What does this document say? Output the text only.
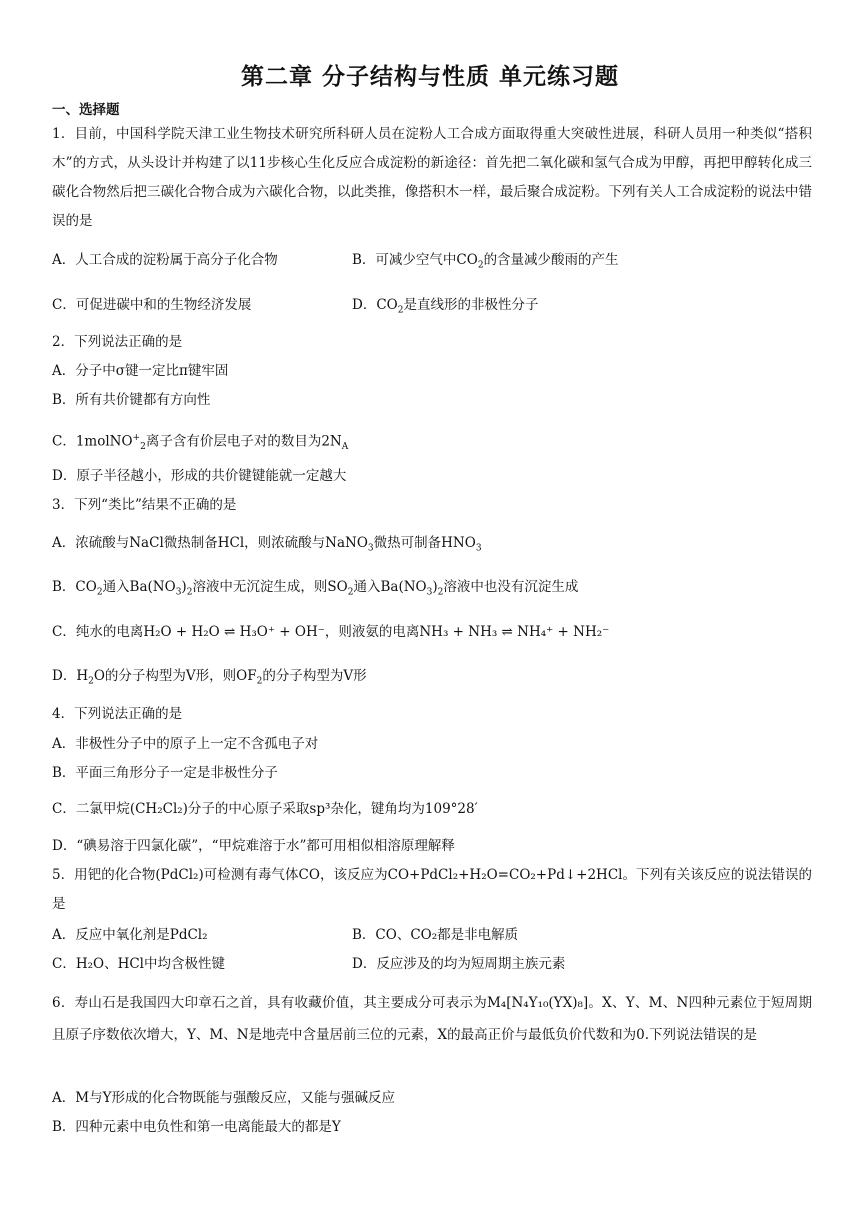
第二章 分子结构与性质 单元练习题
一、选择题
1．目前，中国科学院天津工业生物技术研究所科研人员在淀粉人工合成方面取得重大突破性进展，科研人员用一种类似“搭积木”的方式，从头设计并构建了以11步核心生化反应合成淀粉的新途径：首先把二氧化碳和氢气合成为甲醇，再把甲醇转化成三碳化合物然后把三碳化合物合成为六碳化合物，以此类推，像搭积木一样，最后聚合成淀粉。下列有关人工合成淀粉的说法中错误的是
A．人工合成的淀粉属于高分子化合物	B．可减少空气中$CO_2$的含量减少酸雨的产生
C．可促进碳中和的生物经济发展	D．$CO_2$是直线形的非极性分子
2．下列说法正确的是
A．分子中σ键一定比π键牢固
B．所有共价键都有方向性
C．1molNO+$_2$离子含有价层电子对的数目为$2N_A$
D．原子半径越小，形成的共价键键能就一定越大
3．下列“类比”结果不正确的是
A．浓硫酸与NaCl微热制备HCl，则浓硫酸与NaNO$_3$微热可制备$HNO_3$
B．$CO_2$通入$Ba(NO_3)_2$溶液中无沉淀生成，则$SO_2$通入$Ba(NO_3)_2$溶液中也没有沉淀生成
C．纯水的电离H₂O + H₂O ⇌ H₃O⁺ + OH⁻，则液氨的电离NH₃ + NH₃ ⇌ NH₄⁺ + NH₂⁻
D．$H_2O$的分子构型为V形，则$OF_2$的分子构型为V形
4．下列说法正确的是
A．非极性分子中的原子上一定不含孤电子对
B．平面三角形分子一定是非极性分子
C．二氯甲烷(CH₂Cl₂)分子的中心原子采取sp³杂化，键角均为109°28′
D．“碘易溶于四氯化碳”，“甲烷难溶于水”都可用相似相溶原理解释
5．用钯的化合物(PdCl₂)可检测有毒气体CO，该反应为CO+PdCl₂+H₂O=CO₂+Pd↓+2HCl。下列有关该反应的说法错误的是
A．反应中氧化剂是PdCl₂	B．CO、CO₂都是非电解质
C．H₂O、HCl中均含极性键	D．反应涉及的均为短周期主族元素
6．寿山石是我国四大印章石之首，具有收藏价值，其主要成分可表示为M₄[N₄Y₁₀(YX)₈]。X、Y、M、N四种元素位于短周期且原子序数依次增大，Y、M、N是地壳中含量居前三位的元素，X的最高正价与最低负价代数和为0.下列说法错误的是
A．M与Y形成的化合物既能与强酸反应，又能与强碱反应
B．四种元素中电负性和第一电离能最大的都是Y
